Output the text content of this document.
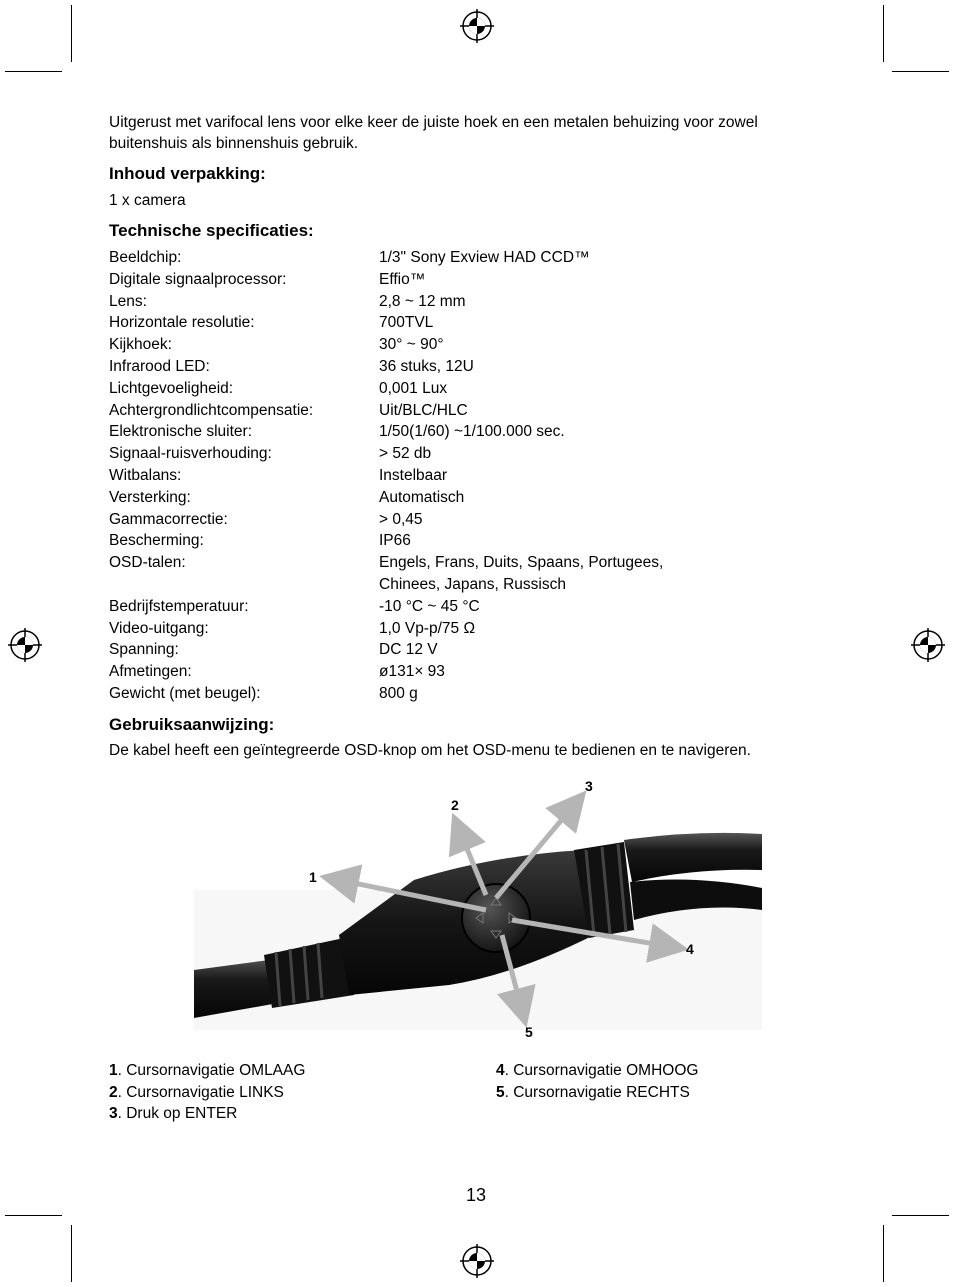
Uitgerust met varifocal lens voor elke keer de juiste hoek en een metalen behuizing voor zowel buitenshuis als binnenshuis gebruik.
Inhoud verpakking:
1 x camera
Technische specificaties:
Beeldchip:	1/3" Sony Exview HAD CCD™
Digitale signaalprocessor:	Effio™
Lens:	2,8 ~ 12 mm
Horizontale resolutie:	700TVL
Kijkhoek:	30° ~ 90°
Infrarood LED:	36 stuks, 12U
Lichtgevoeligheid:	0,001 Lux
Achtergrondlichtcompensatie:	Uit/BLC/HLC
Elektronische sluiter:	1/50(1/60) ~1/100.000 sec.
Signaal-ruisverhouding:	> 52 db
Witbalans:	Instelbaar
Versterking:	Automatisch
Gammacorrectie:	> 0,45
Bescherming:	IP66
OSD-talen:	Engels, Frans, Duits, Spaans, Portugees,
Chinees, Japans, Russisch
Bedrijfstemperatuur:	-10 °C ~ 45 °C
Video-uitgang:	1,0 Vp-p/75 Ω
Spanning:	DC 12 V
Afmetingen:	ø131× 93
Gewicht (met beugel):	800 g
Gebruiksaanwijzing:
De kabel heeft een geïntegreerde OSD-knop om het OSD-menu te bedienen en te navigeren.
1
2
3
4
5
1. Cursornavigatie OMLAAG
2. Cursornavigatie LINKS
3. Druk op ENTER
4. Cursornavigatie OMHOOG
5. Cursornavigatie RECHTS
13
